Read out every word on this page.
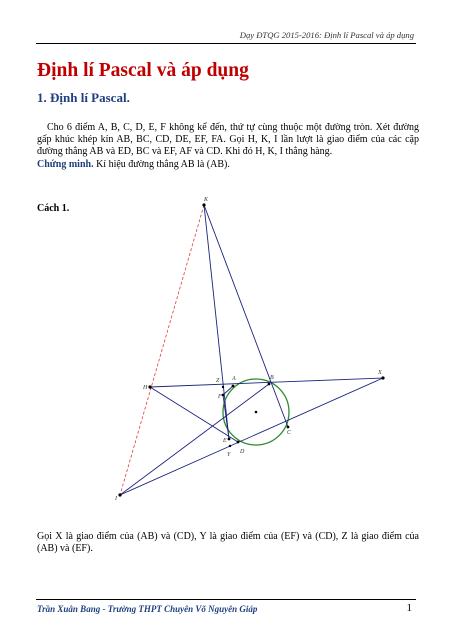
Dạy ĐTQG 2015-2016: Định lí Pascal và áp dụng
Định lí Pascal và áp dụng
1. Định lí Pascal.
Cho 6 điểm A, B, C, D, E, F không kể đến, thứ tự cùng thuộc một đường tròn. Xét đường gấp khúc khép kín AB, BC, CD, DE, EF, FA. Gọi H, K, I lần lượt là giao điểm của các cặp đường thẳng AB và ED, BC và EF, AF và CD. Khi đó H, K, I thẳng hàng.
Chứng minh. Kí hiệu đường thẳng AB là (AB).
Cách 1.
K
Z A	B
X
H
F
E
C
D
Y
I
Gọi X là giao điểm của (AB) và (CD), Y là giao điểm của (EF) và (CD), Z là giao điểm của (AB) và (EF).
Trần Xuân Bang - Trường THPT Chuyên Võ Nguyên Giáp	1
